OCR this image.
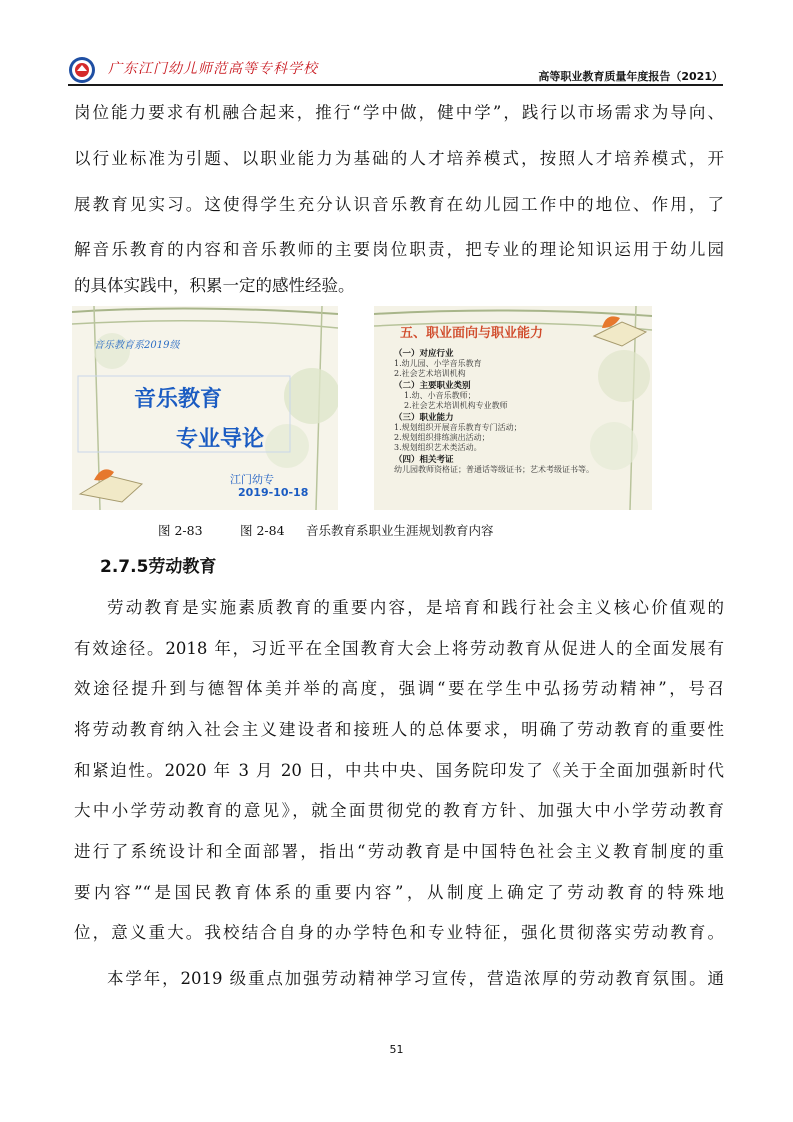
广东江门幼儿师范高等专科学校	高等职业教育质量年度报告（2021）

岗位能力要求有机融合起来，推行“学中做，健中学”，践行以市场需求为导向、

以行业标准为引题、以职业能力为基础的人才培养模式，按照人才培养模式，开

展教育见实习。这使得学生充分认识音乐教育在幼儿园工作中的地位、作用，了

解音乐教育的内容和音乐教师的主要岗位职责，把专业的理论知识运用于幼儿园

的具体实践中，积累一定的感性经验。

音乐教育系2019级
音乐教育
专业导论
江门幼专
2019-10-18
五、职业面向与职业能力
（一）对应行业
1.幼儿园、小学音乐教育
2.社会艺术培训机构
（二）主要职业类别
1.幼、小音乐教师；
2.社会艺术培训机构专业教师
（三）职业能力
1.规划组织开展音乐教育专门活动；
2.规划组织排练演出活动；
3.规划组织艺术类活动。
（四）相关考证
幼儿园教师资格证；普通话等级证书；艺术考级证书等。
图 2-83	图 2-84 音乐教育系职业生涯规划教育内容
2.7.5劳动教育

劳动教育是实施素质教育的重要内容，是培育和践行社会主义核心价值观的

有效途径。2018 年，习近平在全国教育大会上将劳动教育从促进人的全面发展有

效途径提升到与德智体美并举的高度，强调“要在学生中弘扬劳动精神”，号召

将劳动教育纳入社会主义建设者和接班人的总体要求，明确了劳动教育的重要性

和紧迫性。2020 年 3 月 20 日，中共中央、国务院印发了《关于全面加强新时代

大中小学劳动教育的意见》，就全面贯彻党的教育方针、加强大中小学劳动教育

进行了系统设计和全面部署，指出“劳动教育是中国特色社会主义教育制度的重

要内容”“是国民教育体系的重要内容”，从制度上确定了劳动教育的特殊地

位，意义重大。我校结合自身的办学特色和专业特征，强化贯彻落实劳动教育。

本学年，2019 级重点加强劳动精神学习宣传，营造浓厚的劳动教育氛围。通

51
